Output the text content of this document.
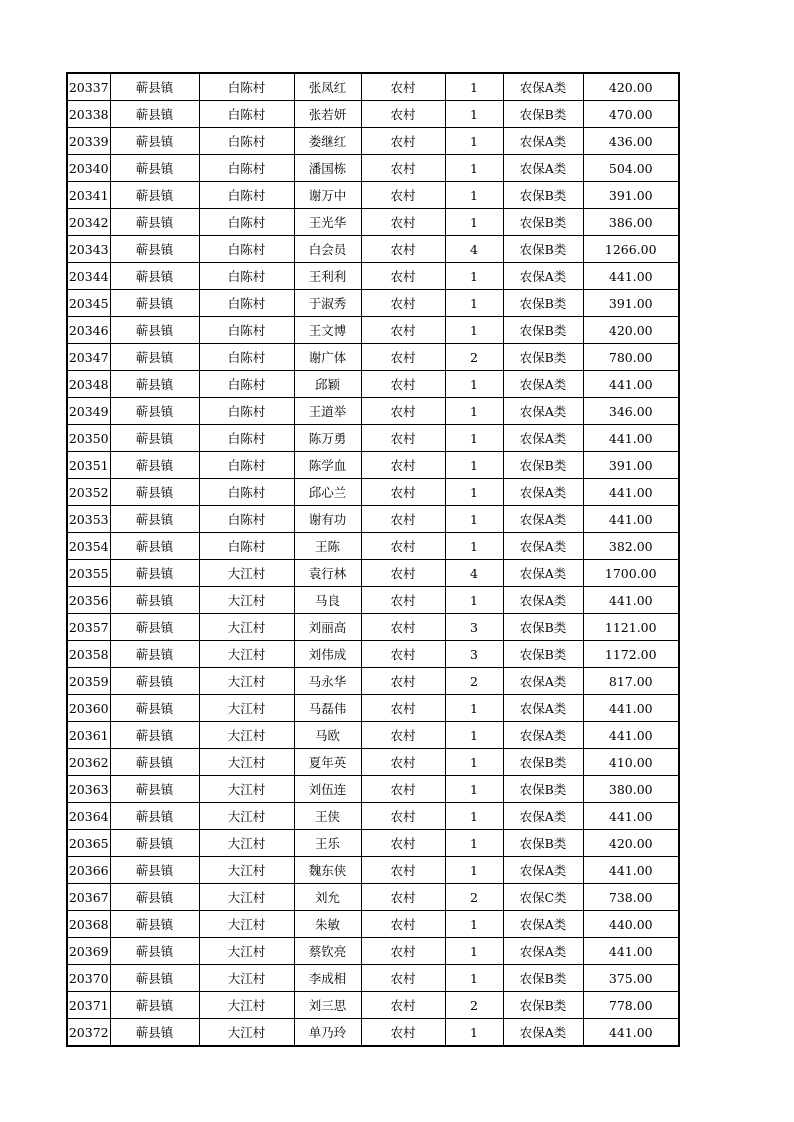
20337	蕲县镇	白陈村	张凤红	农村	1	农保A类	420.00
20338	蕲县镇	白陈村	张若妍	农村	1	农保B类	470.00
20339	蕲县镇	白陈村	娄继红	农村	1	农保A类	436.00
20340	蕲县镇	白陈村	潘国栋	农村	1	农保A类	504.00
20341	蕲县镇	白陈村	谢万中	农村	1	农保B类	391.00
20342	蕲县镇	白陈村	王光华	农村	1	农保B类	386.00
20343	蕲县镇	白陈村	白会员	农村	4	农保B类	1266.00
20344	蕲县镇	白陈村	王利利	农村	1	农保A类	441.00
20345	蕲县镇	白陈村	于淑秀	农村	1	农保B类	391.00
20346	蕲县镇	白陈村	王文博	农村	1	农保B类	420.00
20347	蕲县镇	白陈村	谢广体	农村	2	农保B类	780.00
20348	蕲县镇	白陈村	邱颖	农村	1	农保A类	441.00
20349	蕲县镇	白陈村	王道举	农村	1	农保A类	346.00
20350	蕲县镇	白陈村	陈万勇	农村	1	农保A类	441.00
20351	蕲县镇	白陈村	陈学血	农村	1	农保B类	391.00
20352	蕲县镇	白陈村	邱心兰	农村	1	农保A类	441.00
20353	蕲县镇	白陈村	谢有功	农村	1	农保A类	441.00
20354	蕲县镇	白陈村	王陈	农村	1	农保A类	382.00
20355	蕲县镇	大江村	袁行林	农村	4	农保A类	1700.00
20356	蕲县镇	大江村	马良	农村	1	农保A类	441.00
20357	蕲县镇	大江村	刘丽高	农村	3	农保B类	1121.00
20358	蕲县镇	大江村	刘伟成	农村	3	农保B类	1172.00
20359	蕲县镇	大江村	马永华	农村	2	农保A类	817.00
20360	蕲县镇	大江村	马磊伟	农村	1	农保A类	441.00
20361	蕲县镇	大江村	马欧	农村	1	农保A类	441.00
20362	蕲县镇	大江村	夏年英	农村	1	农保B类	410.00
20363	蕲县镇	大江村	刘伍连	农村	1	农保B类	380.00
20364	蕲县镇	大江村	王侠	农村	1	农保A类	441.00
20365	蕲县镇	大江村	王乐	农村	1	农保B类	420.00
20366	蕲县镇	大江村	魏东侠	农村	1	农保A类	441.00
20367	蕲县镇	大江村	刘允	农村	2	农保C类	738.00
20368	蕲县镇	大江村	朱敏	农村	1	农保A类	440.00
20369	蕲县镇	大江村	蔡钦亮	农村	1	农保A类	441.00
20370	蕲县镇	大江村	李成相	农村	1	农保B类	375.00
20371	蕲县镇	大江村	刘三思	农村	2	农保B类	778.00
20372	蕲县镇	大江村	单乃玲	农村	1	农保A类	441.00
